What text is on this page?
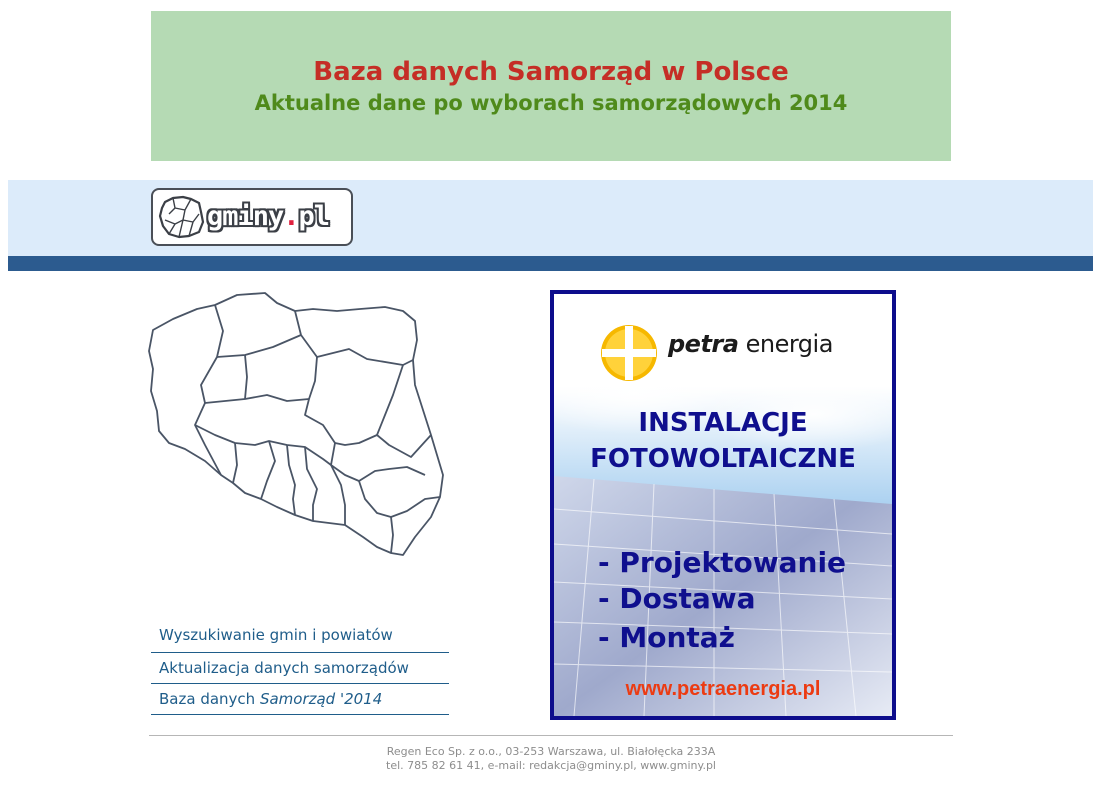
Baza danych Samorząd w Polsce
Aktualne dane po wyborach samorządowych 2014
gminy.pl
Wyszukiwanie gmin i powiatów
Aktualizacja danych samorządów
Baza danych Samorząd '2014
petra energia
INSTALACJE
FOTOWOLTAICZNE
- Projektowanie
- Dostawa
- Montaż
www.petraenergia.pl
Regen Eco Sp. z o.o., 03-253 Warszawa, ul. Białołęcka 233A
tel. 785 82 61 41, e-mail: redakcja@gminy.pl, www.gminy.pl
